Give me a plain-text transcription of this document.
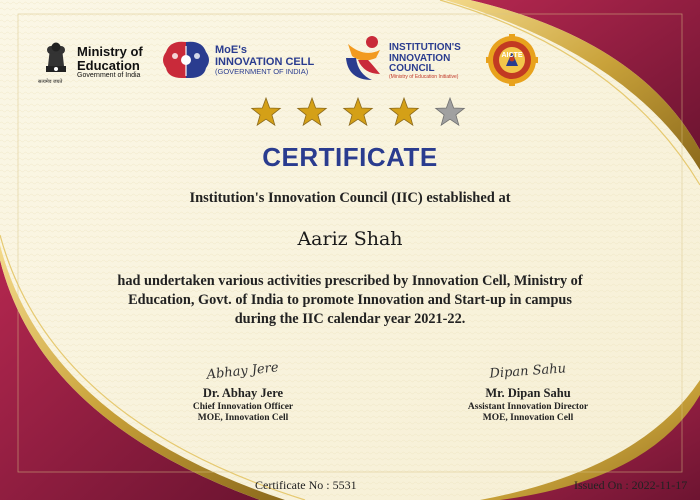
सत्यमेव जयते
Ministry of
Education
Government of India
MoE's
INNOVATION CELL
(GOVERNMENT OF INDIA)
INSTITUTION'S
INNOVATION
COUNCIL
(Ministry of Education Initiative)
AICTE
CERTIFICATE
Institution's Innovation Council (IIC) established at
Aariz Shah
had undertaken various activities prescribed by Innovation Cell, Ministry of
Education, Govt. of India to promote Innovation and Start-up in campus
during the IIC calendar year 2021-22.
Abhay Jere
Dr. Abhay Jere
Chief Innovation Officer
MOE, Innovation Cell
Dipan Sahu
Mr. Dipan Sahu
Assistant Innovation Director
MOE, Innovation Cell
Certificate No : 5531	Issued On : 2022-11-17
